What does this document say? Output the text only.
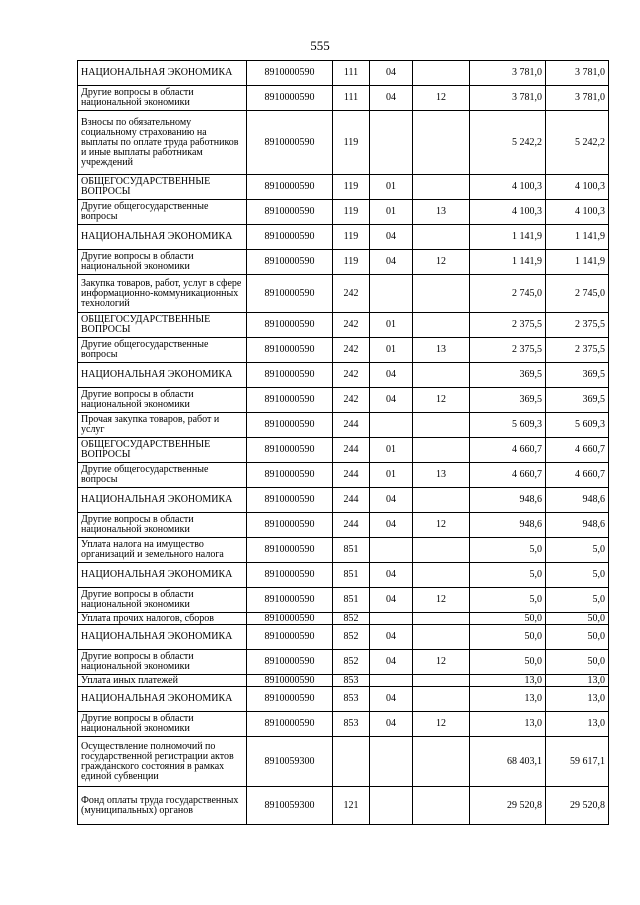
555
НАЦИОНАЛЬНАЯ ЭКОНОМИКА	8910000590	111	04		3 781,0	3 781,0
Другие вопросы в области национальной экономики	8910000590	111	04	12	3 781,0	3 781,0
Взносы по обязательному социальному страхованию на выплаты по оплате труда работников и иные выплаты работникам учреждений	8910000590	119			5 242,2	5 242,2
ОБЩЕГОСУДАРСТВЕННЫЕ ВОПРОСЫ	8910000590	119	01		4 100,3	4 100,3
Другие общегосударственные вопросы	8910000590	119	01	13	4 100,3	4 100,3
НАЦИОНАЛЬНАЯ ЭКОНОМИКА	8910000590	119	04		1 141,9	1 141,9
Другие вопросы в области национальной экономики	8910000590	119	04	12	1 141,9	1 141,9
Закупка товаров, работ, услуг в сфере информационно-коммуникационных технологий	8910000590	242			2 745,0	2 745,0
ОБЩЕГОСУДАРСТВЕННЫЕ ВОПРОСЫ	8910000590	242	01		2 375,5	2 375,5
Другие общегосударственные вопросы	8910000590	242	01	13	2 375,5	2 375,5
НАЦИОНАЛЬНАЯ ЭКОНОМИКА	8910000590	242	04		369,5	369,5
Другие вопросы в области национальной экономики	8910000590	242	04	12	369,5	369,5
Прочая закупка товаров, работ и услуг	8910000590	244			5 609,3	5 609,3
ОБЩЕГОСУДАРСТВЕННЫЕ ВОПРОСЫ	8910000590	244	01		4 660,7	4 660,7
Другие общегосударственные вопросы	8910000590	244	01	13	4 660,7	4 660,7
НАЦИОНАЛЬНАЯ ЭКОНОМИКА	8910000590	244	04		948,6	948,6
Другие вопросы в области национальной экономики	8910000590	244	04	12	948,6	948,6
Уплата налога на имущество организаций и земельного налога	8910000590	851			5,0	5,0
НАЦИОНАЛЬНАЯ ЭКОНОМИКА	8910000590	851	04		5,0	5,0
Другие вопросы в области национальной экономики	8910000590	851	04	12	5,0	5,0
Уплата прочих налогов, сборов	8910000590	852			50,0	50,0
НАЦИОНАЛЬНАЯ ЭКОНОМИКА	8910000590	852	04		50,0	50,0
Другие вопросы в области национальной экономики	8910000590	852	04	12	50,0	50,0
Уплата иных платежей	8910000590	853			13,0	13,0
НАЦИОНАЛЬНАЯ ЭКОНОМИКА	8910000590	853	04		13,0	13,0
Другие вопросы в области национальной экономики	8910000590	853	04	12	13,0	13,0
Осуществление полномочий по государственной регистрации актов гражданского состояния в рамках единой субвенции	8910059300				68 403,1	59 617,1
Фонд оплаты труда государственных (муниципальных) органов	8910059300	121			29 520,8	29 520,8
